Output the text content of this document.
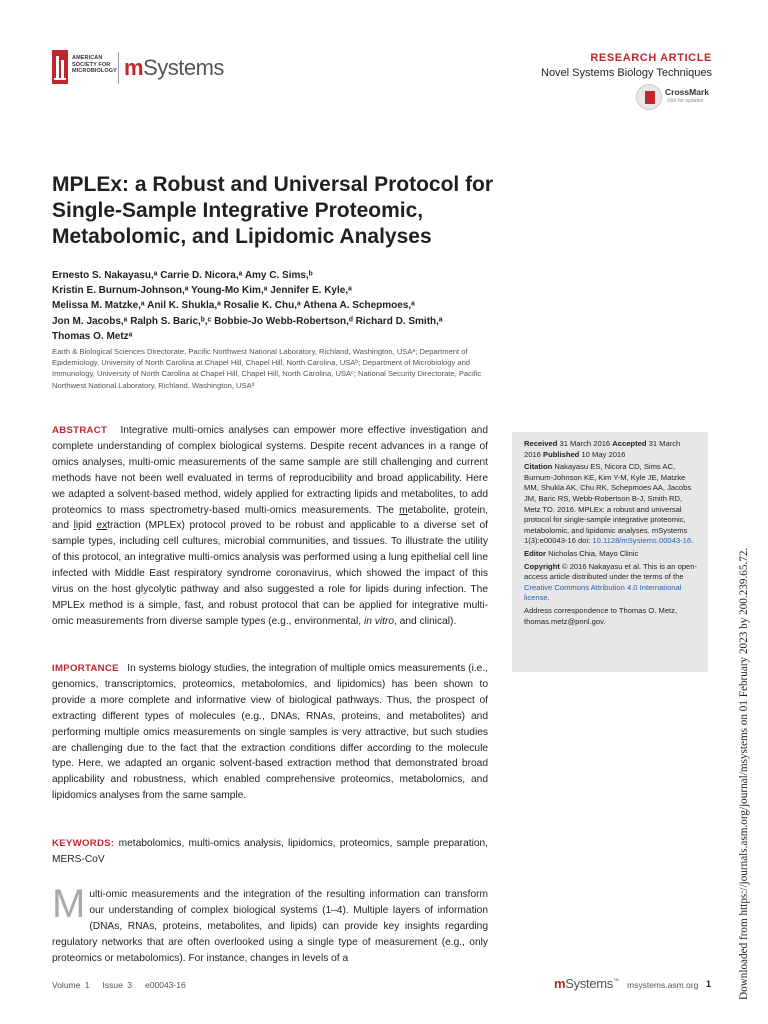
AMERICAN
SOCIETY FOR
MICROBIOLOGY mSystems	RESEARCH ARTICLE
Novel Systems Biology Techniques
CrossMark
click for updates
MPLEx: a Robust and Universal Protocol for Single-Sample Integrative Proteomic, Metabolomic, and Lipidomic Analyses
Ernesto S. Nakayasu,ᵃ Carrie D. Nicora,ᵃ Amy C. Sims,ᵇ
Kristin E. Burnum-Johnson,ᵃ Young-Mo Kim,ᵃ Jennifer E. Kyle,ᵃ
Melissa M. Matzke,ᵃ Anil K. Shukla,ᵃ Rosalie K. Chu,ᵃ Athena A. Schepmoes,ᵃ
Jon M. Jacobs,ᵃ Ralph S. Baric,ᵇ,ᶜ Bobbie-Jo Webb-Robertson,ᵈ Richard D. Smith,ᵃ
Thomas O. Metzᵃ
Earth & Biological Sciences Directorate, Pacific Northwest National Laboratory, Richland, Washington, USAᵃ; Department of Epidemiology, University of North Carolina at Chapel Hill, Chapel Hill, North Carolina, USAᵇ; Department of Microbiology and Immunology, University of North Carolina at Chapel Hill, Chapel Hill, North Carolina, USAᶜ; National Security Directorate, Pacific Northwest National Laboratory, Richland, Washington, USAᵈ
ABSTRACT Integrative multi-omics analyses can empower more effective investigation and complete understanding of complex biological systems. Despite recent advances in a range of omics analyses, multi-omic measurements of the same sample are still challenging and current methods have not been well evaluated in terms of reproducibility and broad applicability. Here we adapted a solvent-based method, widely applied for extracting lipids and metabolites, to add proteomics to mass spectrometry-based multi-omics measurements. The metabolite, protein, and lipid extraction (MPLEx) protocol proved to be robust and applicable to a diverse set of sample types, including cell cultures, microbial communities, and tissues. To illustrate the utility of this protocol, an integrative multi-omics analysis was performed using a lung epithelial cell line infected with Middle East respiratory syndrome coronavirus, which showed the impact of this virus on the host glycolytic pathway and also suggested a role for lipids during infection. The MPLEx method is a simple, fast, and robust protocol that can be applied for integrative multi-omic measurements from diverse sample types (e.g., environmental, in vitro, and clinical).
IMPORTANCE In systems biology studies, the integration of multiple omics measurements (i.e., genomics, transcriptomics, proteomics, metabolomics, and lipidomics) has been shown to provide a more complete and informative view of biological pathways. Thus, the prospect of extracting different types of molecules (e.g., DNAs, RNAs, proteins, and metabolites) and performing multiple omics measurements on single samples is very attractive, but such studies are challenging due to the fact that the extraction conditions differ according to the molecule type. Here, we adapted an organic solvent-based extraction method that demonstrated broad applicability and robustness, which enabled comprehensive proteomics, metabolomics, and lipidomics analyses from the same sample.
KEYWORDS: metabolomics, multi-omics analysis, lipidomics, proteomics, sample preparation, MERS-CoV

Received 31 March 2016 Accepted 31 March 2016 Published 10 May 2016

Citation Nakayasu ES, Nicora CD, Sims AC, Burnum-Johnson KE, Kim Y-M, Kyle JE, Matzke MM, Shukla AK, Chu RK, Schepmoes AA, Jacobs JM, Baric RS, Webb-Robertson B-J, Smith RD, Metz TO. 2016. MPLEx: a robust and universal protocol for single-sample integrative proteomic, metabolomic, and lipidomic analyses. mSystems 1(3):e00043-16 doi: 10.1128/mSystems.00043-16.

Editor Nicholas Chia, Mayo Clinic

Copyright © 2016 Nakayasu et al. This is an open-access article distributed under the terms of the Creative Commons Attribution 4.0 International license.

Address correspondence to Thomas O. Metz, thomas.metz@pnnl.gov.

Multi-omic measurements and the integration of the resulting information can transform our understanding of complex biological systems (1–4). Multiple layers of information (DNAs, RNAs, proteins, metabolites, and lipids) can provide key insights regarding regulatory networks that are often overlooked using a single type of measurement (e.g., only proteomics or metabolomics). For instance, changes in levels of a
Volume 1 Issue 3 e00043-16	mSystems™ msystems.asm.org 1 Downloaded from https://journals.asm.org/journal/msystems on 01 February 2023 by 200.239.65.72.
